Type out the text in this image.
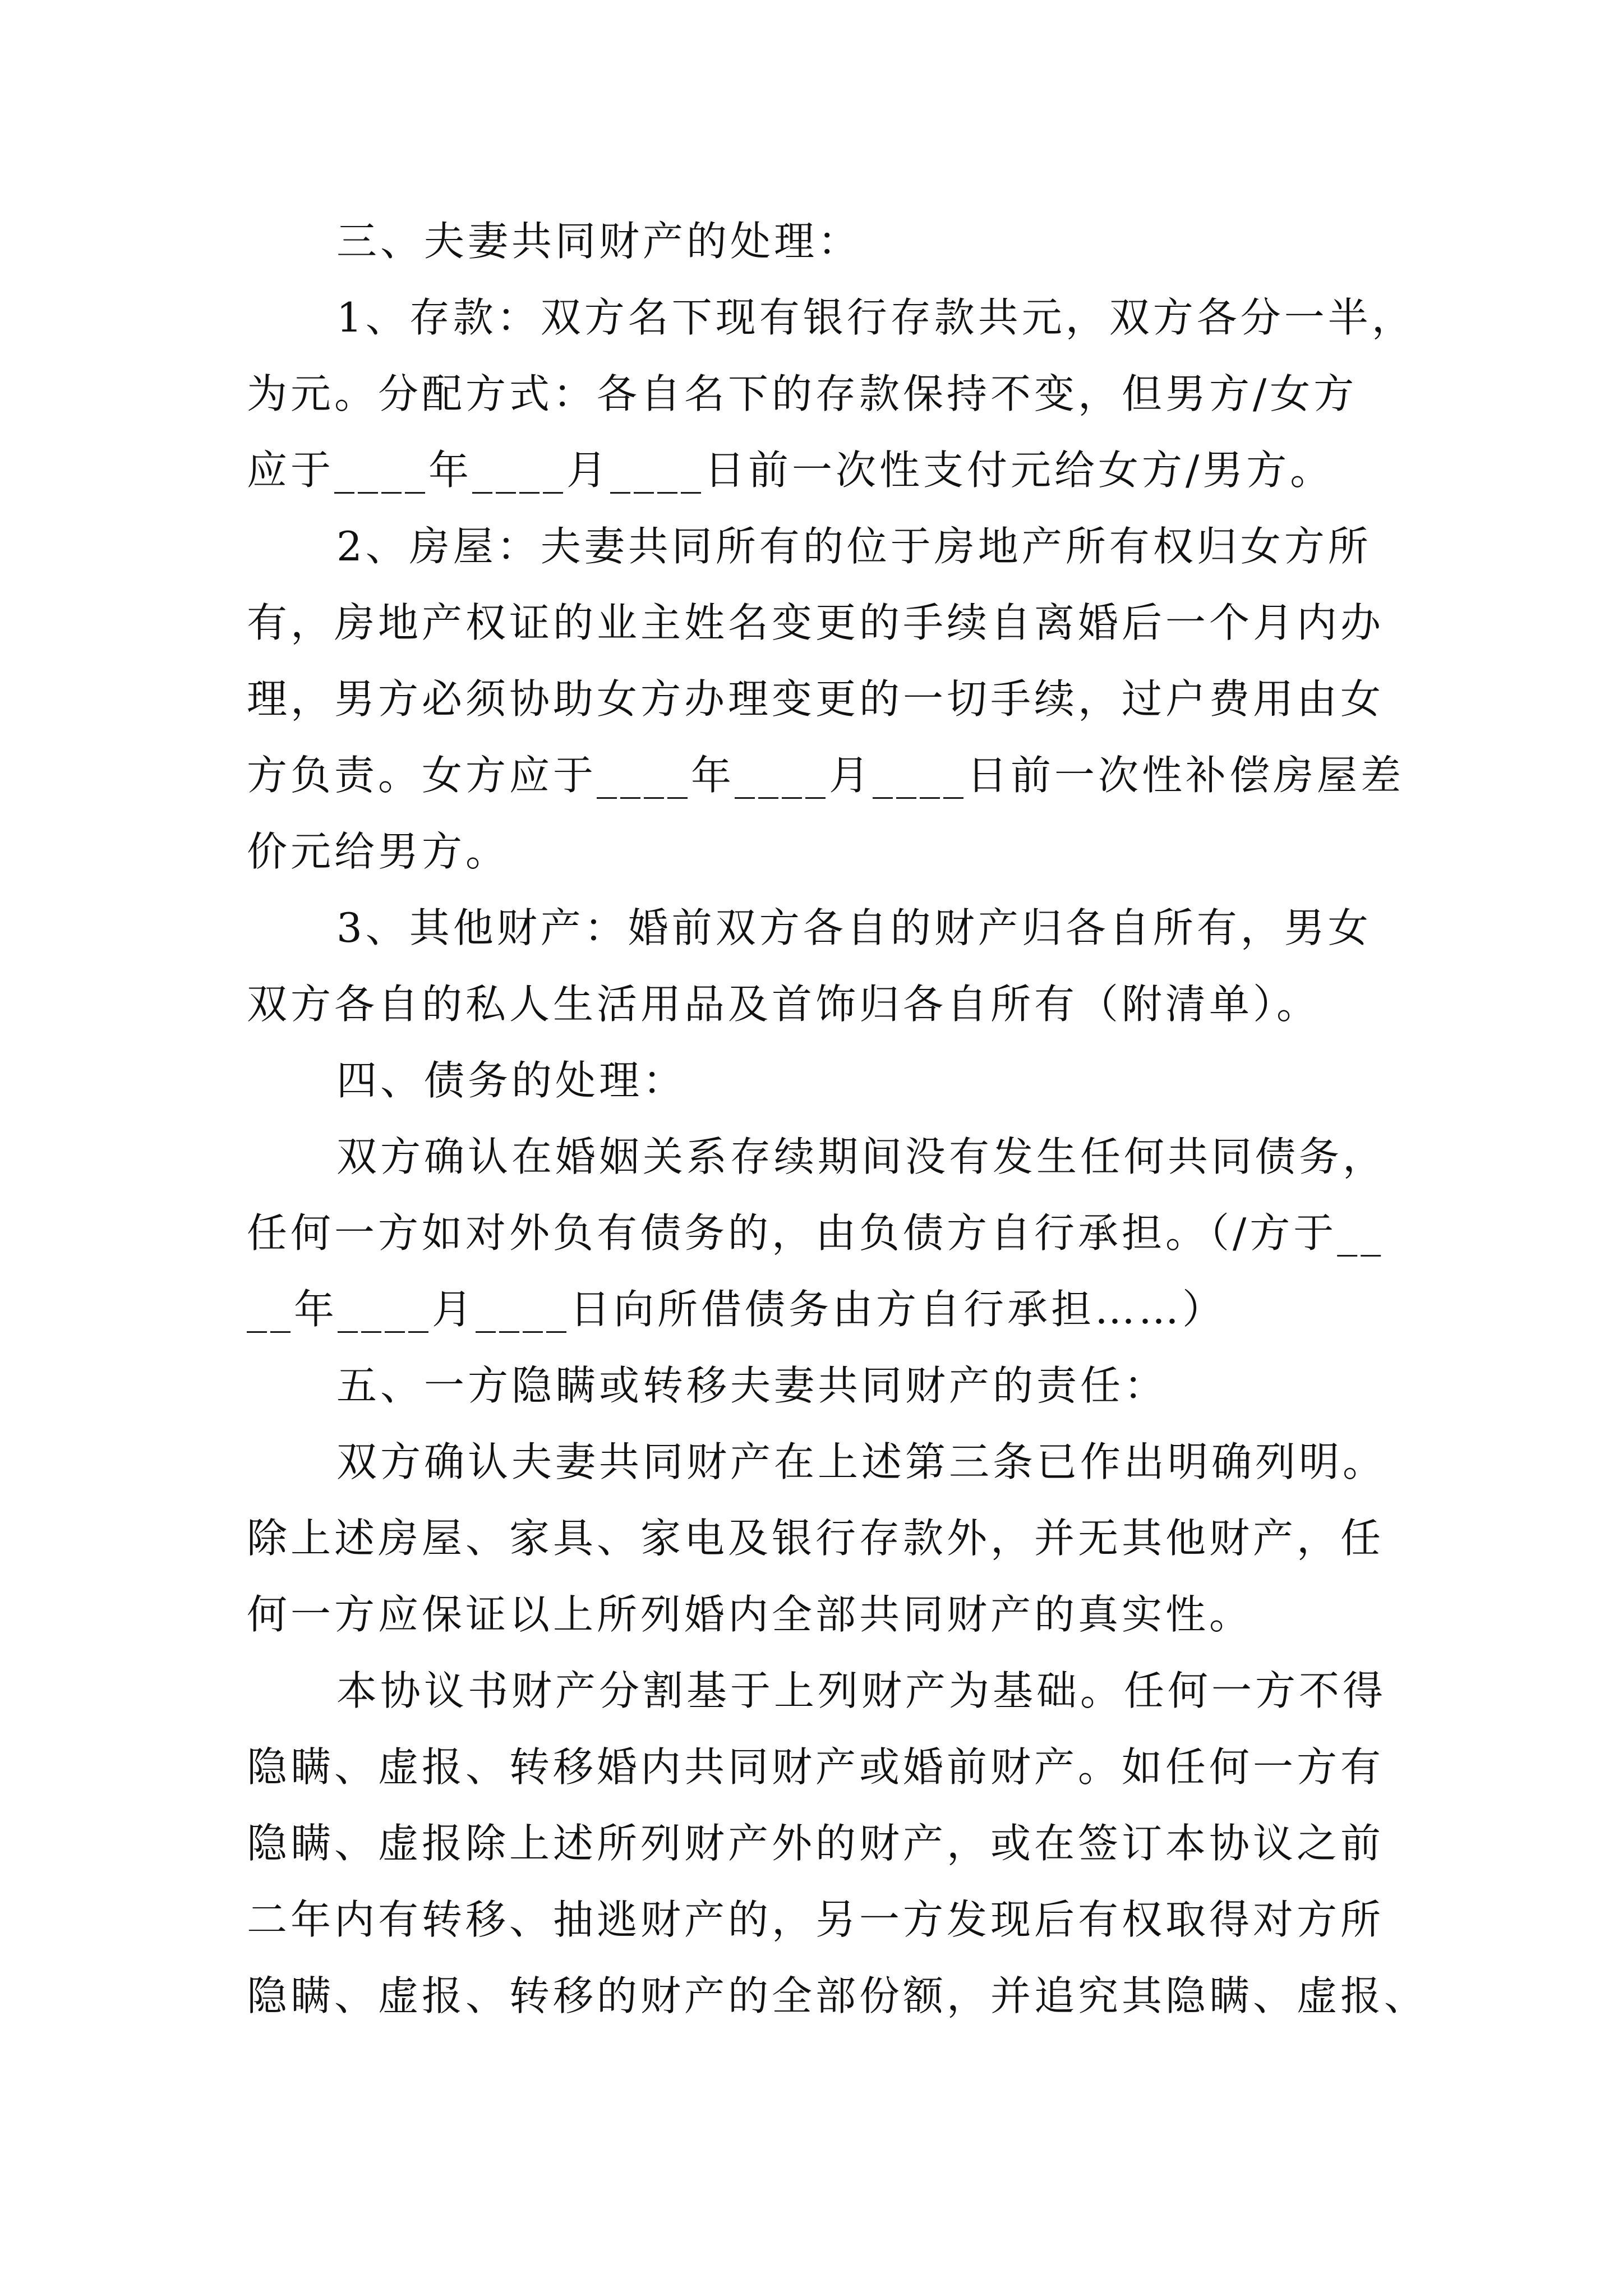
三、夫妻共同财产的处理：
1、存款：双方名下现有银行存款共元，双方各分一半，
为元。分配方式：各自名下的存款保持不变，但男方/女方
应于____年____月____日前一次性支付元给女方/男方。
2、房屋：夫妻共同所有的位于房地产所有权归女方所
有，房地产权证的业主姓名变更的手续自离婚后一个月内办
理，男方必须协助女方办理变更的一切手续，过户费用由女
方负责。女方应于____年____月____日前一次性补偿房屋差
价元给男方。
3、其他财产：婚前双方各自的财产归各自所有，男女
双方各自的私人生活用品及首饰归各自所有（附清单）。
四、债务的处理：
双方确认在婚姻关系存续期间没有发生任何共同债务，
任何一方如对外负有债务的，由负债方自行承担。（/方于__
__年____月____日向所借债务由方自行承担……）
五、一方隐瞒或转移夫妻共同财产的责任：
双方确认夫妻共同财产在上述第三条已作出明确列明。
除上述房屋、家具、家电及银行存款外，并无其他财产，任
何一方应保证以上所列婚内全部共同财产的真实性。
本协议书财产分割基于上列财产为基础。任何一方不得
隐瞒、虚报、转移婚内共同财产或婚前财产。如任何一方有
隐瞒、虚报除上述所列财产外的财产，或在签订本协议之前
二年内有转移、抽逃财产的，另一方发现后有权取得对方所
隐瞒、虚报、转移的财产的全部份额，并追究其隐瞒、虚报、
